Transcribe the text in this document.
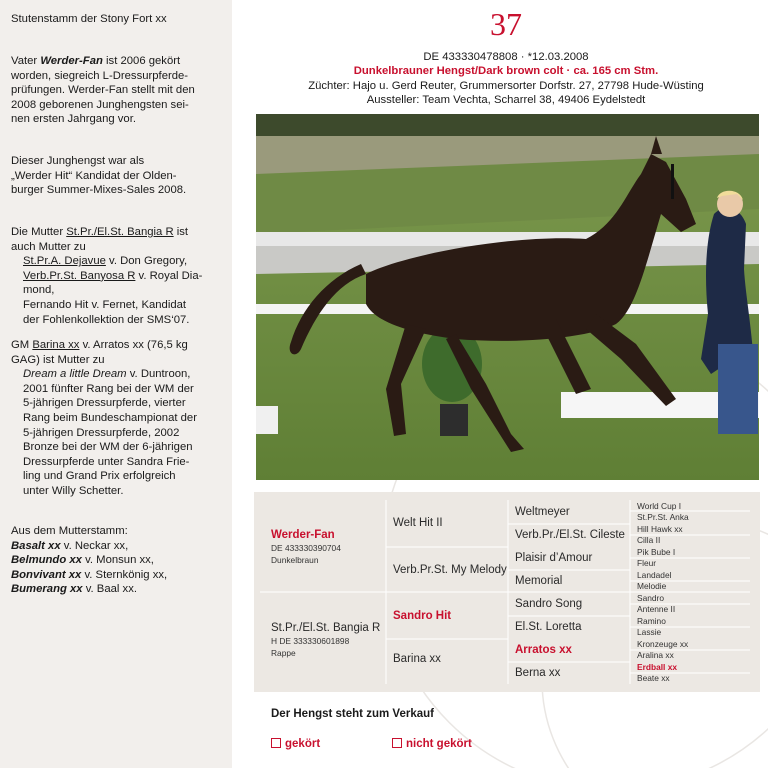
Stutenstamm der Stony Fort xx

Vater Werder-Fan ist 2006 gekört

worden, siegreich L-Dressurpferde-

prüfungen. Werder-Fan stellt mit den

2008 geborenen Junghengsten sei-

nen ersten Jahrgang vor.

Dieser Junghengst war als

„Werder Hit“ Kandidat der Olden-

burger Summer-Mixes-Sales 2008.

Die Mutter St.Pr./El.St. Bangia R ist

auch Mutter zu

St.Pr.A. Dejavue v. Don Gregory,

Verb.Pr.St. Banyosa R v. Royal Dia-

mond,

Fernando Hit v. Fernet, Kandidat

der Fohlenkollektion der SMS‘07.

GM Barina xx v. Arratos xx (76,5 kg

GAG) ist Mutter zu

Dream a little Dream v. Duntroon,

2001 fünfter Rang bei der WM der

5-jährigen Dressurpferde, vierter

Rang beim Bundeschampionat der

5-jährigen Dressurpferde, 2002

Bronze bei der WM der 6-jährigen

Dressurpferde unter Sandra Frie-

ling und Grand Prix erfolgreich

unter Willy Schetter.

Aus dem Mutterstamm:

Basalt xx v. Neckar xx,

Belmundo xx v. Monsun xx,

Bonvivant xx v. Sternkönig xx,

Bumerang xx v. Baal xx.

37
DE 433330478808 · *12.03.2008
Dunkelbrauner Hengst/Dark brown colt · ca. 165 cm Stm.
Züchter: Hajo u. Gerd Reuter, Grummersorter Dorfstr. 27, 27798 Hude-Wüsting
Aussteller: Team Vechta, Scharrel 38, 49406 Eydelstedt
Werder-Fan
DE 433330390704
Dunkelbraun
St.Pr./El.St. Bangia R
H DE 333330601898
Rappe
Welt Hit II
Verb.Pr.St. My Melody
Sandro Hit
Barina xx
Weltmeyer
Verb.Pr./El.St. Cileste
Plaisir d’Amour
Memorial
Sandro Song
El.St. Loretta
Arratos xx
Berna xx
World Cup I
St.Pr.St. Anka
Hill Hawk xx
Cilla II
Pik Bube I
Fleur
Landadel
Melodie
Sandro
Antenne II
Ramino
Lassie
Kronzeuge xx
Aralina xx
Erdball xx
Beate xx
Der Hengst steht zum Verkauf
gekört	nicht gekört
